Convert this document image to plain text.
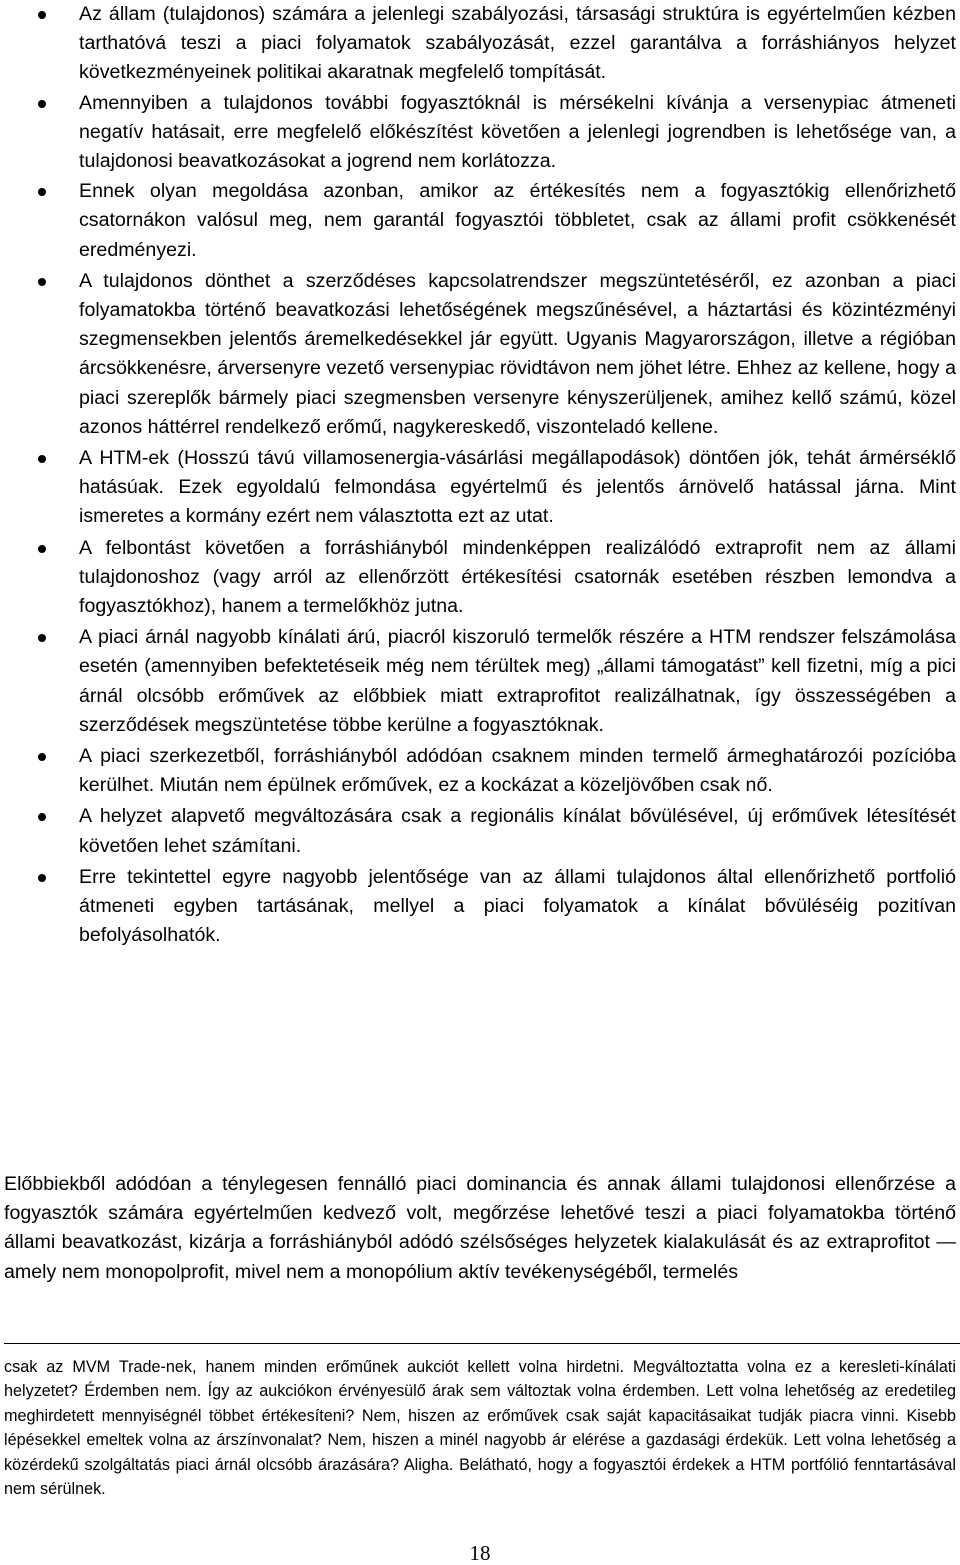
Az állam (tulajdonos) számára a jelenlegi szabályozási, társasági struktúra is egyértelműen kézben tarthatóvá teszi a piaci folyamatok szabályozását, ezzel garantálva a forráshiányos helyzet következményeinek politikai akaratnak megfelelő tompítását.
Amennyiben a tulajdonos további fogyasztóknál is mérsékelni kívánja a versenypiac átmeneti negatív hatásait, erre megfelelő előkészítést követően a jelenlegi jogrendben is lehetősége van, a tulajdonosi beavatkozásokat a jogrend nem korlátozza.
Ennek olyan megoldása azonban, amikor az értékesítés nem a fogyasztókig ellenőrizhető csatornákon valósul meg, nem garantál fogyasztói többletet, csak az állami profit csökkenését eredményezi.
A tulajdonos dönthet a szerződéses kapcsolatrendszer megszüntetéséről, ez azonban a piaci folyamatokba történő beavatkozási lehetőségének megszűnésével, a háztartási és közintézményi szegmensekben jelentős áremelkedésekkel jár együtt. Ugyanis Magyarországon, illetve a régióban árcsökkenésre, árversenyre vezető versenypiac rövidtávon nem jöhet létre. Ehhez az kellene, hogy a piaci szereplők bármely piaci szegmensben versenyre kényszerüljenek, amihez kellő számú, közel azonos háttérrel rendelkező erőmű, nagykereskedő, viszonteladó kellene.
A HTM-ek (Hosszú távú villamosenergia-vásárlási megállapodások) döntően jók, tehát ármérséklő hatásúak. Ezek egyoldalú felmondása egyértelmű és jelentős árnövelő hatással járna. Mint ismeretes a kormány ezért nem választotta ezt az utat.
A felbontást követően a forráshiányból mindenképpen realizálódó extraprofit nem az állami tulajdonoshoz (vagy arról az ellenőrzött értékesítési csatornák esetében részben lemondva a fogyasztókhoz), hanem a termelőkhöz jutna.
A piaci árnál nagyobb kínálati árú, piacról kiszoruló termelők részére a HTM rendszer felszámolása esetén (amennyiben befektetéseik még nem térültek meg) „állami támogatást” kell fizetni, míg a pici árnál olcsóbb erőművek az előbbiek miatt extraprofitot realizálhatnak, így összességében a szerződések megszüntetése többe kerülne a fogyasztóknak.
A piaci szerkezetből, forráshiányból adódóan csaknem minden termelő ármeghatározói pozícióba kerülhet. Miután nem épülnek erőművek, ez a kockázat a közeljövőben csak nő.
A helyzet alapvető megváltozására csak a regionális kínálat bővülésével, új erőművek létesítését követően lehet számítani.
Erre tekintettel egyre nagyobb jelentősége van az állami tulajdonos által ellenőrizhető portfolió átmeneti egyben tartásának, mellyel a piaci folyamatok a kínálat bővüléséig pozitívan befolyásolhatók.

Előbbiekből adódóan a ténylegesen fennálló piaci dominancia és annak állami tulajdonosi ellenőrzése a fogyasztók számára egyértelműen kedvező volt, megőrzése lehetővé teszi a piaci folyamatokba történő állami beavatkozást, kizárja a forráshiányból adódó szélsőséges helyzetek kialakulását és az extraprofitot — amely nem monopolprofit, mivel nem a monopólium aktív tevékenységéből, termelés

csak az MVM Trade-nek, hanem minden erőműnek aukciót kellett volna hirdetni. Megváltoztatta volna ez a keresleti-kínálati helyzetet? Érdemben nem. Így az aukciókon érvényesülő árak sem változtak volna érdemben. Lett volna lehetőség az eredetileg meghirdetett mennyiségnél többet értékesíteni? Nem, hiszen az erőművek csak saját kapacitásaikat tudják piacra vinni. Kisebb lépésekkel emeltek volna az árszínvonalat? Nem, hiszen a minél nagyobb ár elérése a gazdasági érdekük. Lett volna lehetőség a közérdekű szolgáltatás piaci árnál olcsóbb árazására? Aligha. Belátható, hogy a fogyasztói érdekek a HTM portfólió fenntartásával nem sérülnek.

18
